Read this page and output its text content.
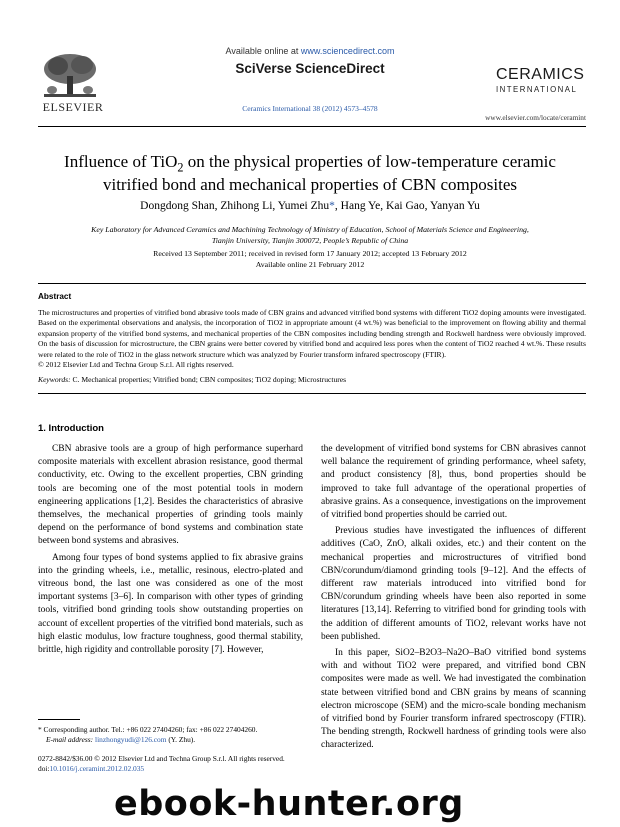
ELSEVIER
Available online at www.sciencedirect.com
SciVerse ScienceDirect
Ceramics International 38 (2012) 4573–4578
CERAMICS
INTERNATIONAL
www.elsevier.com/locate/ceramint
Influence of TiO$_2$ on the physical properties of low-temperature ceramic vitrified bond and mechanical properties of CBN composites
Dongdong Shan, Zhihong Li, Yumei Zhu*, Hang Ye, Kai Gao, Yanyan Yu
Key Laboratory for Advanced Ceramics and Machining Technology of Ministry of Education, School of Materials Science and Engineering,
Tianjin University, Tianjin 300072, People’s Republic of China
Received 13 September 2011; received in revised form 17 January 2012; accepted 13 February 2012
Available online 21 February 2012
Abstract
The microstructures and properties of vitrified bond abrasive tools made of CBN grains and advanced vitrified bond systems with different TiO2 doping amounts were investigated. Based on the experimental observations and analysis, the incorporation of TiO2 in appropriate amount (4 wt.%) was beneficial to the improvement on flowing ability and thermal expansion property of the vitrified bond systems, and mechanical properties of the CBN composites including bending strength and Rockwell hardness were obviously improved. On the basis of discussion for microstructure, the CBN grains were better covered by vitrified bond and acquired less pores when the content of TiO2 reached 4 wt.%. These results were related to the role of TiO2 in the glass network structure which was analyzed by Fourier transform infrared spectroscopy (FTIR).
© 2012 Elsevier Ltd and Techna Group S.r.l. All rights reserved.
Keywords: C. Mechanical properties; Vitrified bond; CBN composites; TiO2 doping; Microstructures
1. Introduction

CBN abrasive tools are a group of high performance superhard composite materials with excellent abrasion resistance, good thermal conductivity, etc. Owing to the excellent properties, CBN grinding tools are becoming one of the most potential tools in modern engineering applications [1,2]. Besides the characteristics of abrasive themselves, the mechanical properties of grinding tools mainly depend on the performance of bond systems and combination state between bond systems and abrasives.

Among four types of bond systems applied to fix abrasive grains into the grinding wheels, i.e., metallic, resinous, electro-plated and vitreous bond, the last one was considered as one of the most important systems [3–6]. In comparison with other types of grinding tools, vitrified bond grinding tools show outstanding properties on account of excellent properties of the vitrified bond materials, such as high elastic modulus, low fracture toughness, good thermal stability, brittle, high rigidity and controllable porosity [7]. However,

the development of vitrified bond systems for CBN abrasives cannot well balance the requirement of grinding performance, wheel safety, and product consistency [8], thus, bond properties should be improved to take full advantage of the operational properties of abrasive grains. As a consequence, investigations on the improvement of vitrified bond properties should be carried out.

Previous studies have investigated the influences of different additives (CaO, ZnO, alkali oxides, etc.) and their content on the mechanical properties and microstructures of vitrified bond CBN/corundum/diamond grinding tools [9–12]. And the effects of different raw materials introduced into vitrified bond for CBN/corundum grinding wheels have been also reported in some literatures [13,14]. Referring to vitrified bond for grinding tools with the addition of different amounts of TiO2, relevant works have not been published.

In this paper, SiO2–B2O3–Na2O–BaO vitrified bond systems with and without TiO2 were prepared, and vitrified bond CBN composites were made as well. We had investigated the combination state between vitrified bond and CBN grains by means of scanning electron microscope (SEM) and the micro-scale bonding mechanism of vitrified bond by Fourier transform infrared spectroscopy (FTIR). The bending strength, Rockwell hardness of grinding tools were also characterized.

* Corresponding author. Tel.: +86 022 27404260; fax: +86 022 27404260.
E-mail address: linzhongyudi@126.com (Y. Zhu).
0272-8842/$36.00 © 2012 Elsevier Ltd and Techna Group S.r.l. All rights reserved.
doi:10.1016/j.ceramint.2012.02.035
ebook-hunter.org
